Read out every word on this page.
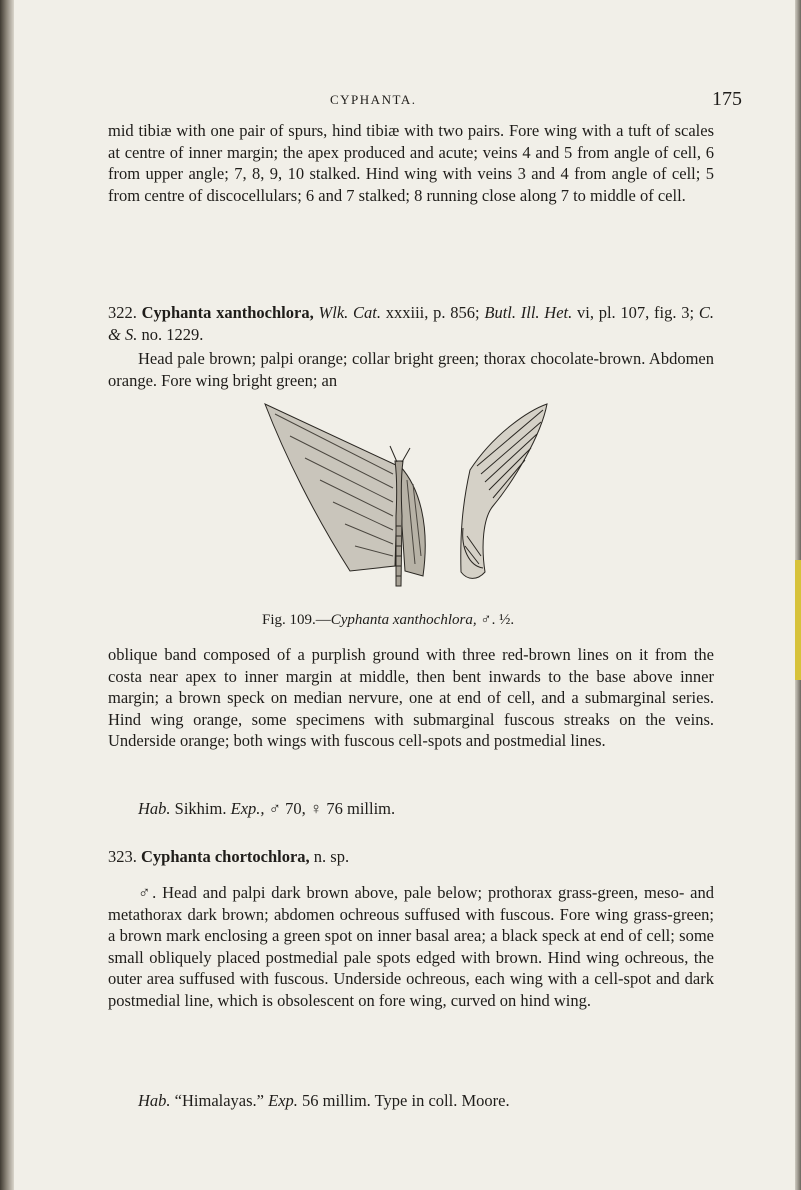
CYPHANTA.	175
mid tibiæ with one pair of spurs, hind tibiæ with two pairs. Fore wing with a tuft of scales at centre of inner margin; the apex produced and acute; veins 4 and 5 from angle of cell, 6 from upper angle; 7, 8, 9, 10 stalked. Hind wing with veins 3 and 4 from angle of cell; 5 from centre of discocellulars; 6 and 7 stalked; 8 running close along 7 to middle of cell.
322. Cyphanta xanthochlora, Wlk. Cat. xxxiii, p. 856; Butl. Ill. Het. vi, pl. 107, fig. 3; C. & S. no. 1229.
Head pale brown; palpi orange; collar bright green; thorax chocolate-brown. Abdomen orange. Fore wing bright green; an
Fig. 109.—Cyphanta xanthochlora, ♂. ½.
oblique band composed of a purplish ground with three red-brown lines on it from the costa near apex to inner margin at middle, then bent inwards to the base above inner margin; a brown speck on median nervure, one at end of cell, and a submarginal series. Hind wing orange, some specimens with submarginal fuscous streaks on the veins. Underside orange; both wings with fuscous cell-spots and postmedial lines.
Hab. Sikhim. Exp., ♂ 70, ♀ 76 millim.
323. Cyphanta chortochlora, n. sp.
♂. Head and palpi dark brown above, pale below; prothorax grass-green, meso- and metathorax dark brown; abdomen ochreous suffused with fuscous. Fore wing grass-green; a brown mark enclosing a green spot on inner basal area; a black speck at end of cell; some small obliquely placed postmedial pale spots edged with brown. Hind wing ochreous, the outer area suffused with fuscous. Underside ochreous, each wing with a cell-spot and dark postmedial line, which is obsolescent on fore wing, curved on hind wing.
Hab. “Himalayas.” Exp. 56 millim. Type in coll. Moore.
